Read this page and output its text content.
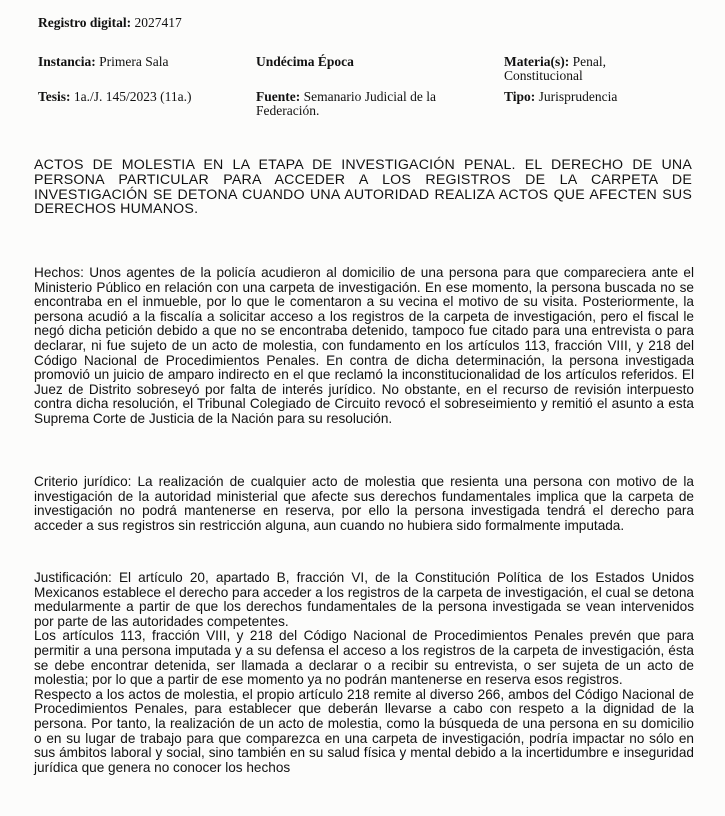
Registro digital: 2027417
Instancia: Primera Sala	Undécima Época	Materia(s): Penal,
Constitucional
Tesis: 1a./J. 145/2023 (11a.)	Fuente: Semanario Judicial de la
Federación.
Tipo: Jurisprudencia
ACTOS DE MOLESTIA EN LA ETAPA DE INVESTIGACIÓN PENAL. EL DERECHO DE UNA PERSONA PARTICULAR PARA ACCEDER A LOS REGISTROS DE LA CARPETA DE INVESTIGACIÓN SE DETONA CUANDO UNA AUTORIDAD REALIZA ACTOS QUE AFECTEN SUS DERECHOS HUMANOS.

Hechos: Unos agentes de la policía acudieron al domicilio de una persona para que compareciera ante el Ministerio Público en relación con una carpeta de investigación. En ese momento, la persona buscada no se encontraba en el inmueble, por lo que le comentaron a su vecina el motivo de su visita. Posteriormente, la persona acudió a la fiscalía a solicitar acceso a los registros de la carpeta de investigación, pero el fiscal le negó dicha petición debido a que no se encontraba detenido, tampoco fue citado para una entrevista o para declarar, ni fue sujeto de un acto de molestia, con fundamento en los artículos 113, fracción VIII, y 218 del Código Nacional de Procedimientos Penales. En contra de dicha determinación, la persona investigada promovió un juicio de amparo indirecto en el que reclamó la inconstitucionalidad de los artículos referidos. El Juez de Distrito sobreseyó por falta de interés jurídico. No obstante, en el recurso de revisión interpuesto contra dicha resolución, el Tribunal Colegiado de Circuito revocó el sobreseimiento y remitió el asunto a esta Suprema Corte de Justicia de la Nación para su resolución.

Criterio jurídico: La realización de cualquier acto de molestia que resienta una persona con motivo de la investigación de la autoridad ministerial que afecte sus derechos fundamentales implica que la carpeta de investigación no podrá mantenerse en reserva, por ello la persona investigada tendrá el derecho para acceder a sus registros sin restricción alguna, aun cuando no hubiera sido formalmente imputada.

Justificación: El artículo 20, apartado B, fracción VI, de la Constitución Política de los Estados Unidos Mexicanos establece el derecho para acceder a los registros de la carpeta de investigación, el cual se detona medularmente a partir de que los derechos fundamentales de la persona investigada se vean intervenidos por parte de las autoridades competentes.

Los artículos 113, fracción VIII, y 218 del Código Nacional de Procedimientos Penales prevén que para permitir a una persona imputada y a su defensa el acceso a los registros de la carpeta de investigación, ésta se debe encontrar detenida, ser llamada a declarar o a recibir su entrevista, o ser sujeta de un acto de molestia; por lo que a partir de ese momento ya no podrán mantenerse en reserva esos registros.

Respecto a los actos de molestia, el propio artículo 218 remite al diverso 266, ambos del Código Nacional de Procedimientos Penales, para establecer que deberán llevarse a cabo con respeto a la dignidad de la persona. Por tanto, la realización de un acto de molestia, como la búsqueda de una persona en su domicilio o en su lugar de trabajo para que comparezca en una carpeta de investigación, podría impactar no sólo en sus ámbitos laboral y social, sino también en su salud física y mental debido a la incertidumbre e inseguridad jurídica que genera no conocer los hechos
